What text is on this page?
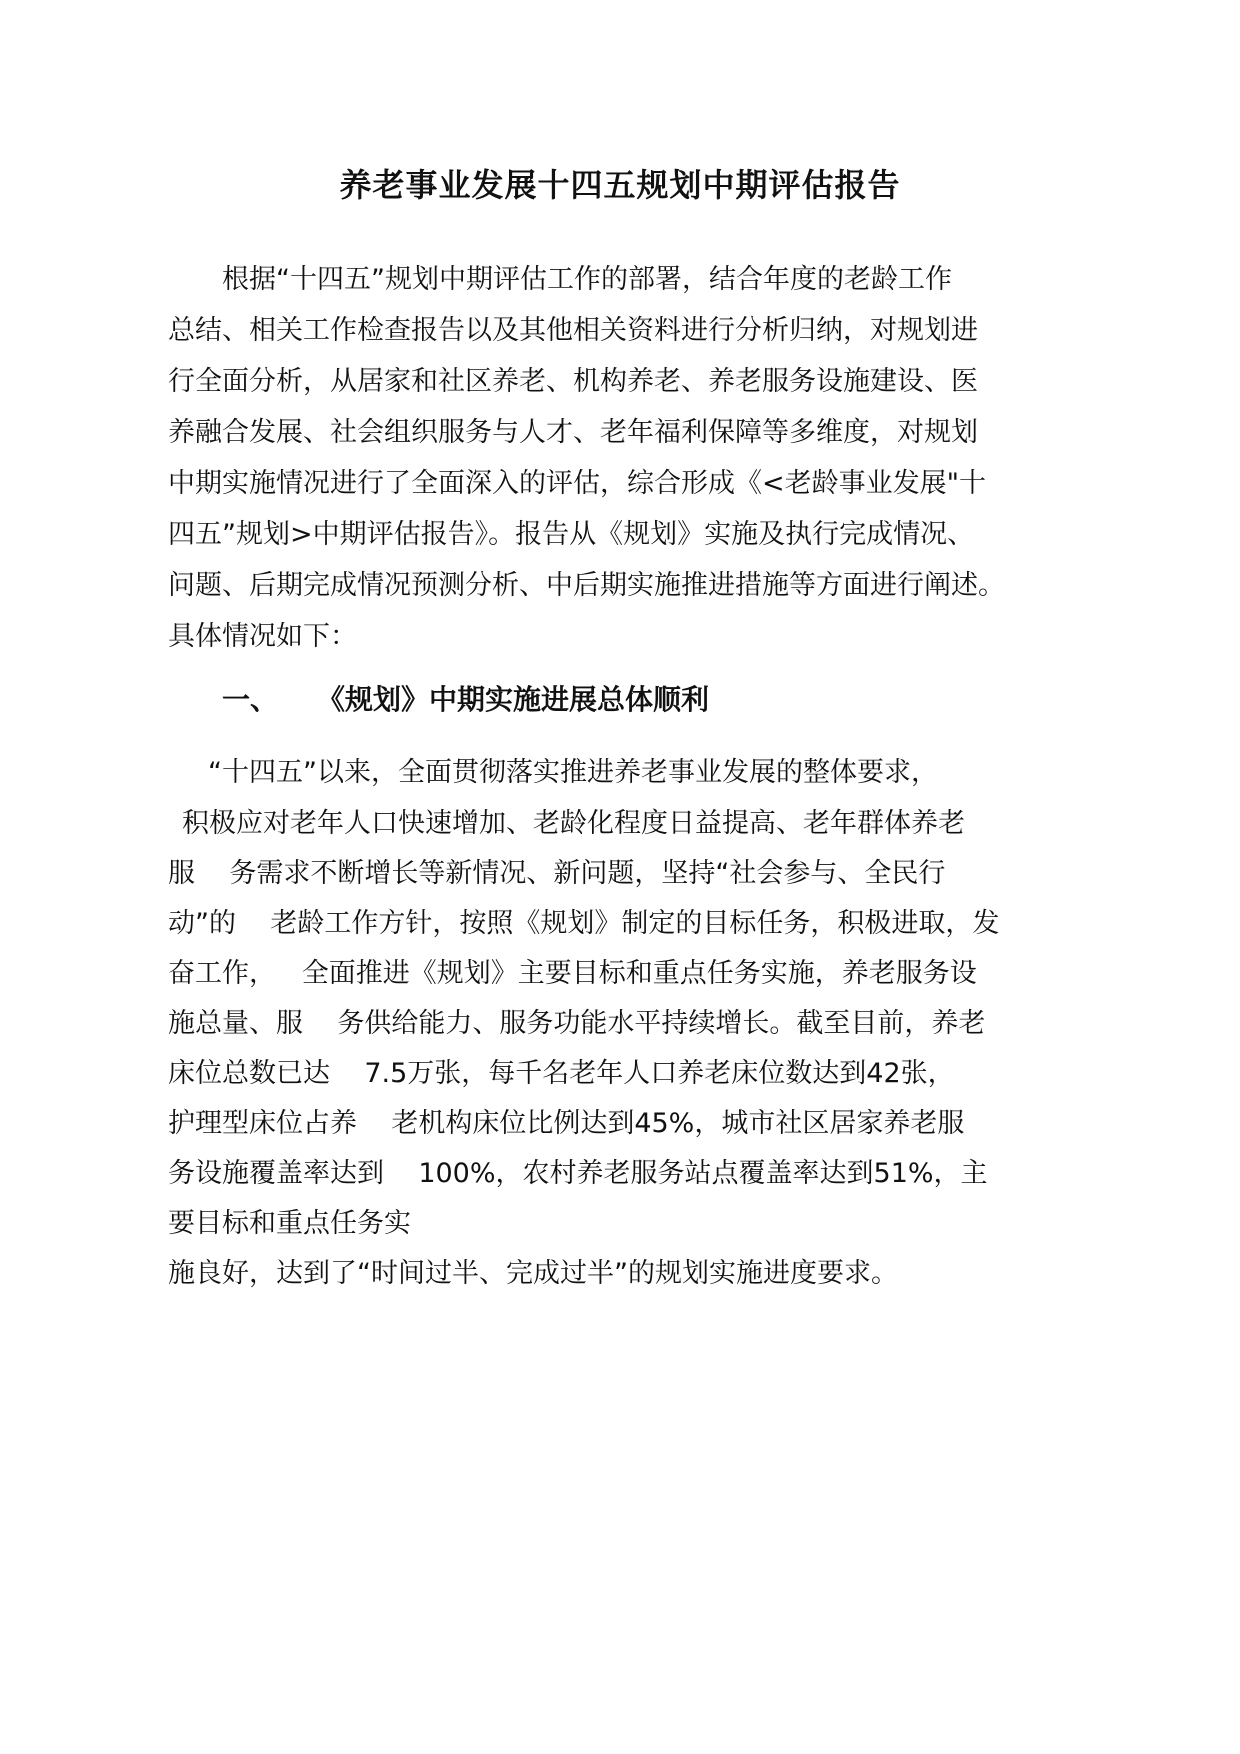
养老事业发展十四五规划中期评估报告
根据“十四五”规划中期评估工作的部署，结合年度的老龄工作
总结、相关工作检查报告以及其他相关资料进行分析归纳，对规划进
行全面分析，从居家和社区养老、机构养老、养老服务设施建设、医
养融合发展、社会组织服务与人才、老年福利保障等多维度，对规划
中期实施情况进行了全面深入的评估，综合形成《<老龄事业发展"十
四五”规划>中期评估报告》。报告从《规划》实施及执行完成情况、
问题、后期完成情况预测分析、中后期实施推进措施等方面进行阐述。
具体情况如下：
一、    《规划》中期实施进展总体顺利
“十四五”以来，全面贯彻落实推进养老事业发展的整体要求，
积极应对老年人口快速增加、老龄化程度日益提高、老年群体养老
服    务需求不断增长等新情况、新问题，坚持“社会参与、全民行
动”的    老龄工作方针，按照《规划》制定的目标任务，积极进取，发
奋工作，   全面推进《规划》主要目标和重点任务实施，养老服务设
施总量、服    务供给能力、服务功能水平持续增长。截至目前，养老
床位总数已达    7.5万张，每千名老年人口养老床位数达到42张，
护理型床位占养    老机构床位比例达到45%，城市社区居家养老服
务设施覆盖率达到    100%，农村养老服务站点覆盖率达到51%，主
要目标和重点任务实
施良好，达到了“时间过半、完成过半”的规划实施进度要求。
